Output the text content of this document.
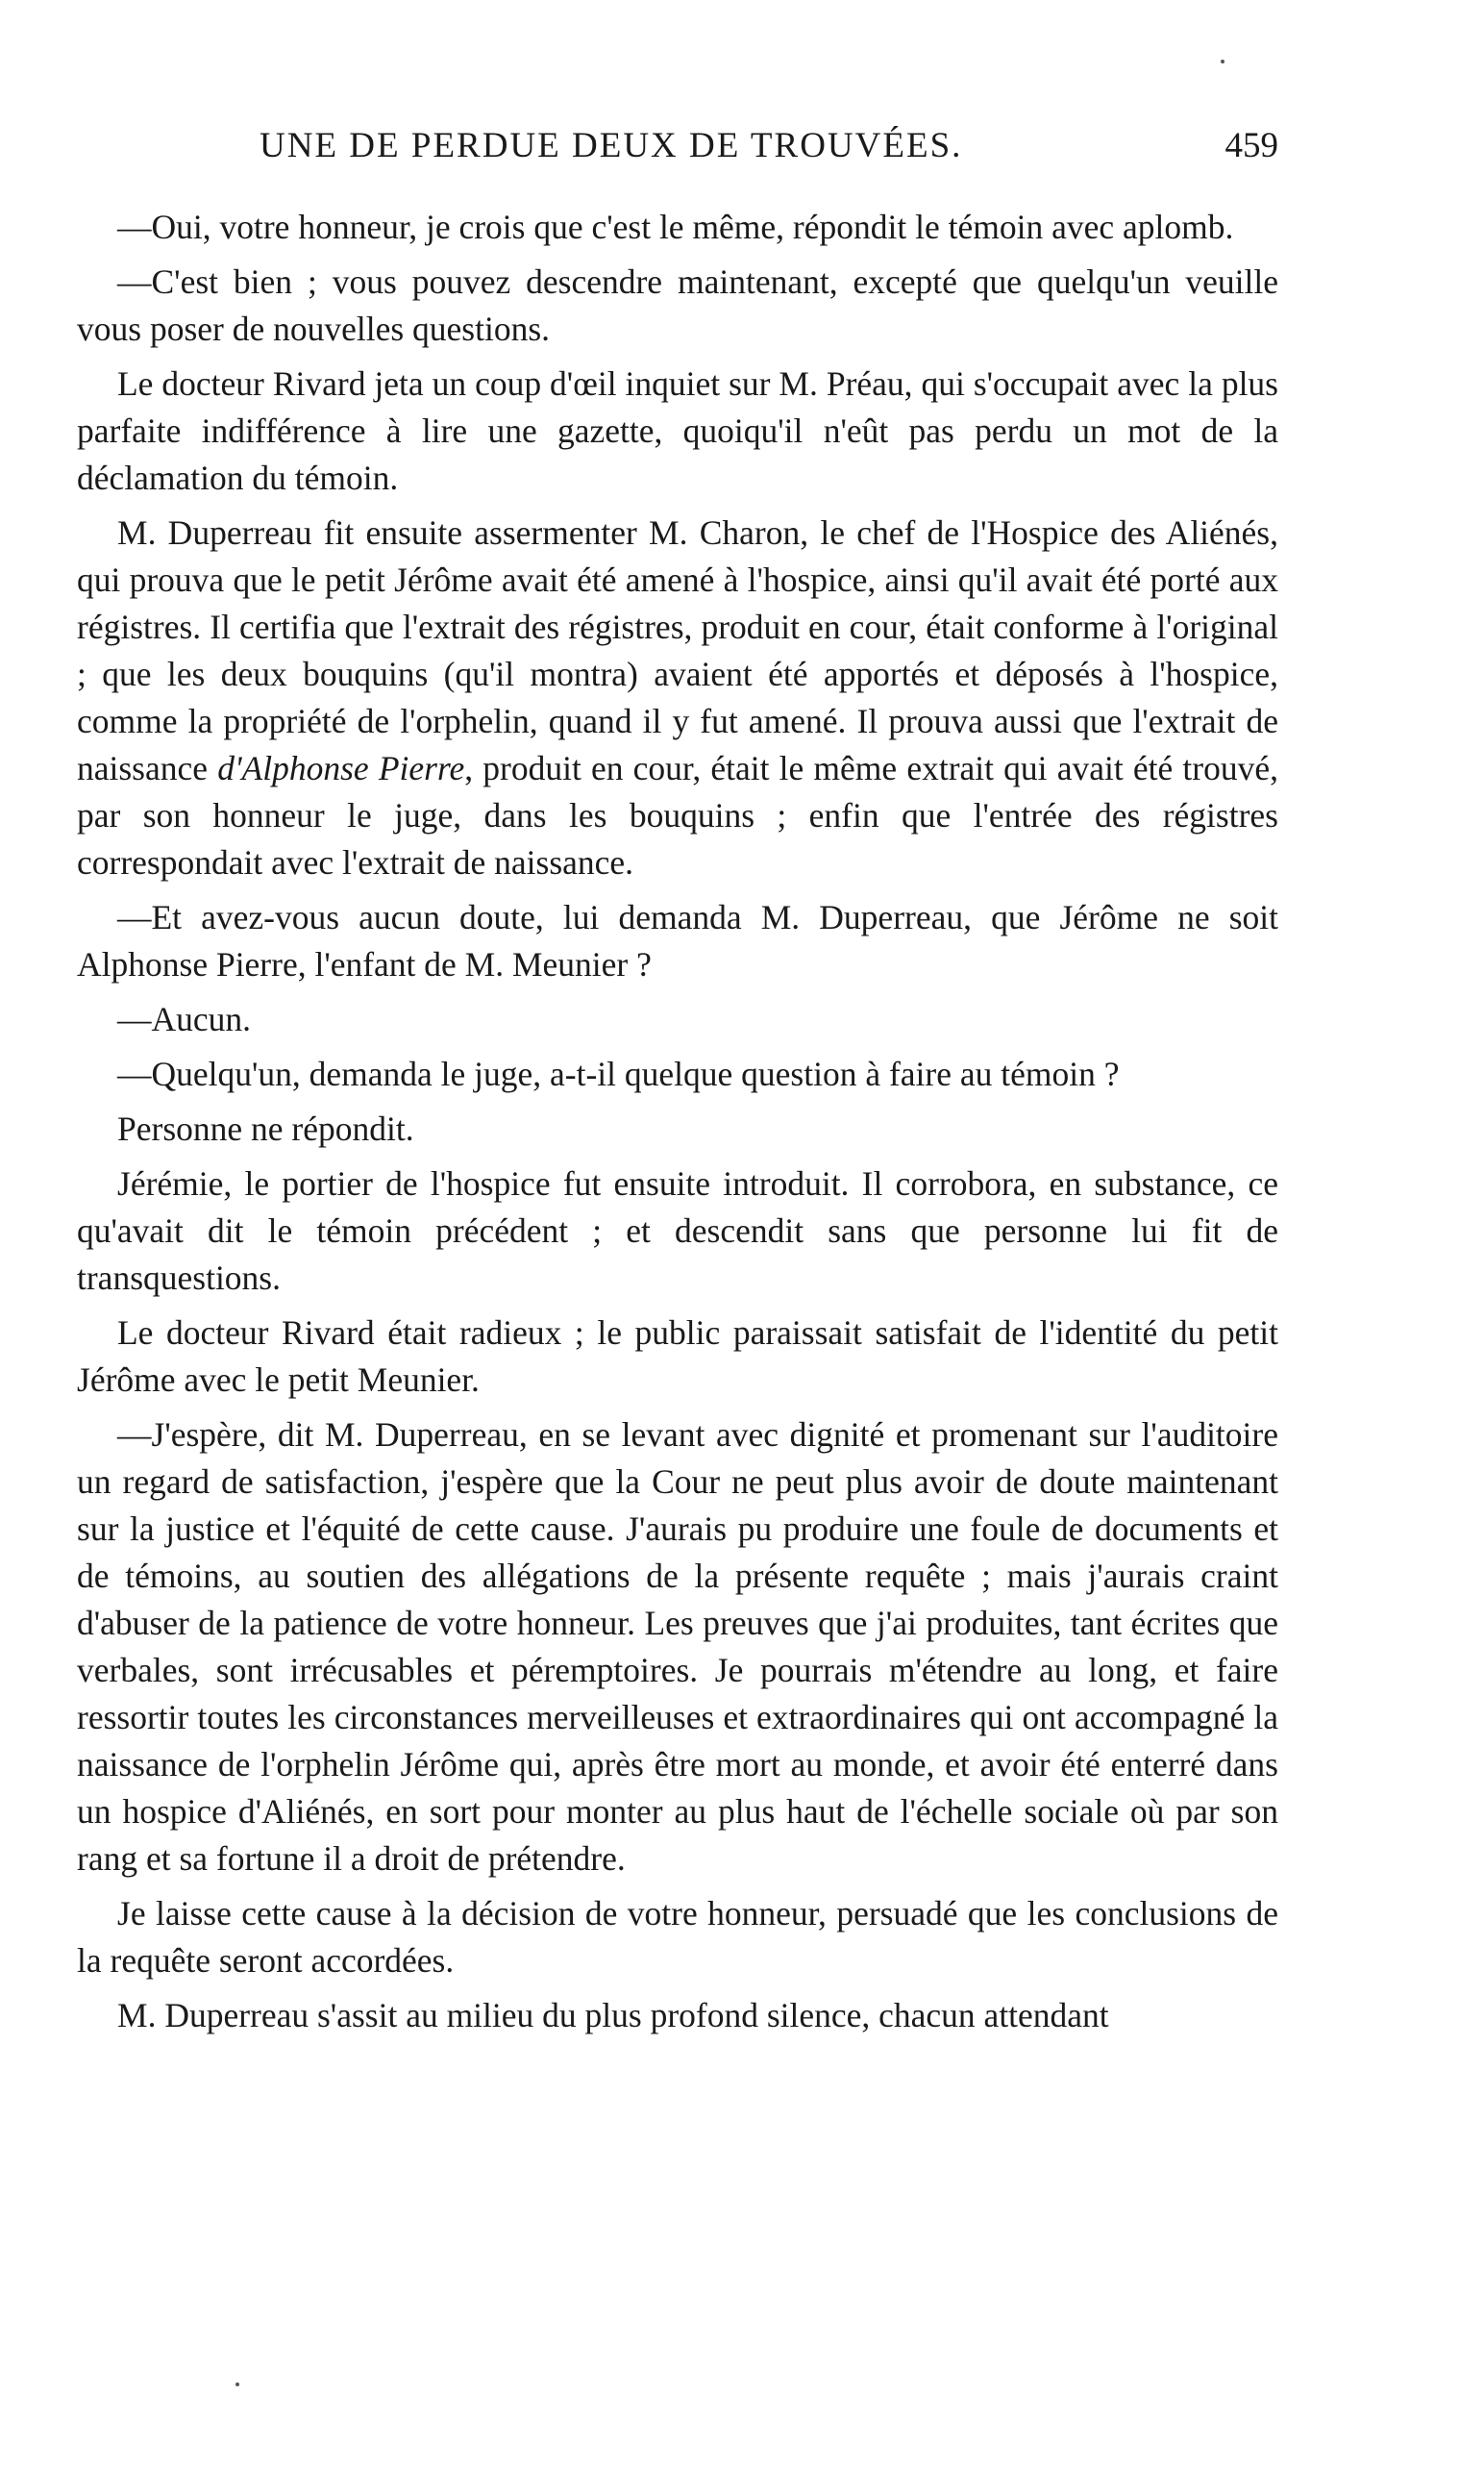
UNE DE PERDUE DEUX DE TROUVÉES.	459

—Oui, votre honneur, je crois que c'est le même, répondit le témoin avec aplomb.

—C'est bien ; vous pouvez descendre maintenant, excepté que quelqu'un veuille vous poser de nouvelles questions.

Le docteur Rivard jeta un coup d'œil inquiet sur M. Préau, qui s'occupait avec la plus parfaite indifférence à lire une gazette, quoiqu'il n'eût pas perdu un mot de la déclamation du témoin.

M. Duperreau fit ensuite assermenter M. Charon, le chef de l'Hospice des Aliénés, qui prouva que le petit Jérôme avait été amené à l'hospice, ainsi qu'il avait été porté aux régistres. Il certifia que l'extrait des régistres, produit en cour, était conforme à l'original ; que les deux bouquins (qu'il montra) avaient été apportés et déposés à l'hospice, comme la propriété de l'orphelin, quand il y fut amené. Il prouva aussi que l'extrait de naissance d'Alphonse Pierre, produit en cour, était le même extrait qui avait été trouvé, par son honneur le juge, dans les bouquins ; enfin que l'entrée des régistres correspondait avec l'extrait de naissance.

—Et avez-vous aucun doute, lui demanda M. Duperreau, que Jérôme ne soit Alphonse Pierre, l'enfant de M. Meunier ?

—Aucun.

—Quelqu'un, demanda le juge, a-t-il quelque question à faire au témoin ?

Personne ne répondit.

Jérémie, le portier de l'hospice fut ensuite introduit. Il corrobora, en substance, ce qu'avait dit le témoin précédent ; et descendit sans que personne lui fit de transquestions.

Le docteur Rivard était radieux ; le public paraissait satisfait de l'identité du petit Jérôme avec le petit Meunier.

—J'espère, dit M. Duperreau, en se levant avec dignité et promenant sur l'auditoire un regard de satisfaction, j'espère que la Cour ne peut plus avoir de doute maintenant sur la justice et l'équité de cette cause. J'aurais pu produire une foule de documents et de témoins, au soutien des allégations de la présente requête ; mais j'aurais craint d'abuser de la patience de votre honneur. Les preuves que j'ai produites, tant écrites que verbales, sont irrécusables et péremptoires. Je pourrais m'étendre au long, et faire ressortir toutes les circonstances merveilleuses et extraordinaires qui ont accompagné la naissance de l'orphelin Jérôme qui, après être mort au monde, et avoir été enterré dans un hospice d'Aliénés, en sort pour monter au plus haut de l'échelle sociale où par son rang et sa fortune il a droit de prétendre.

Je laisse cette cause à la décision de votre honneur, persuadé que les conclusions de la requête seront accordées.

M. Duperreau s'assit au milieu du plus profond silence, chacun attendant
